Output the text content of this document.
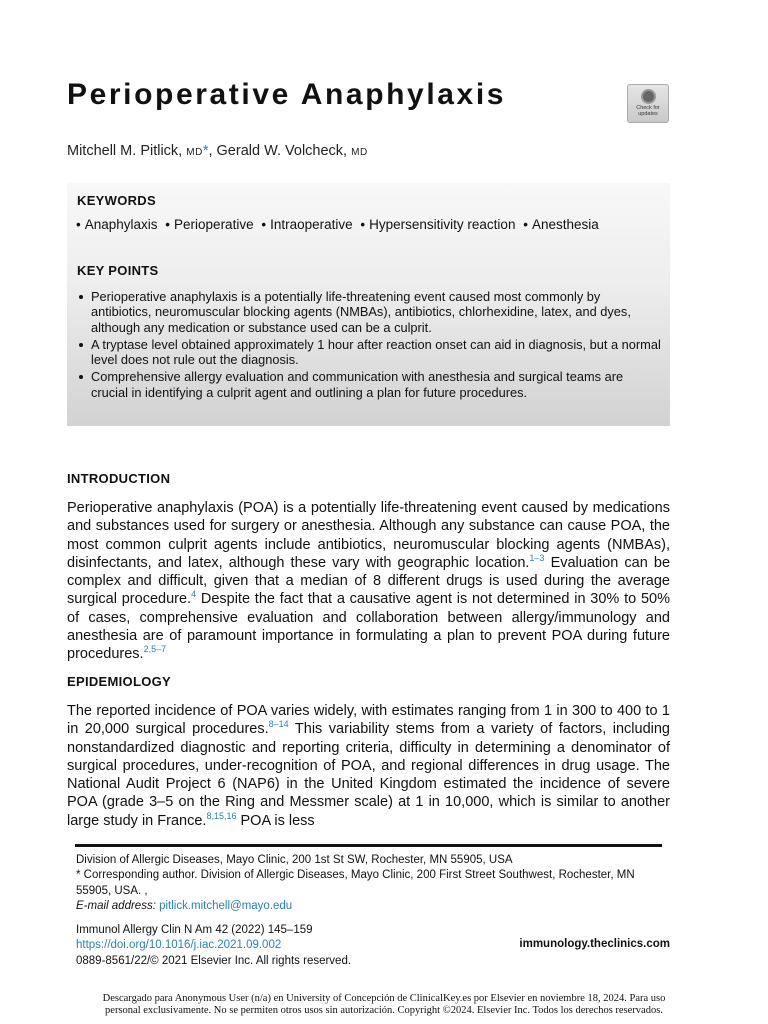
Perioperative Anaphylaxis	Check for
updates
Mitchell M. Pitlick, MD*, Gerald W. Volcheck, MD
KEYWORDS
• Anaphylaxis • Perioperative • Intraoperative • Hypersensitivity reaction • Anesthesia
KEY POINTS
Perioperative anaphylaxis is a potentially life-threatening event caused most commonly by antibiotics, neuromuscular blocking agents (NMBAs), antibiotics, chlorhexidine, latex, and dyes, although any medication or substance used can be a culprit.
A tryptase level obtained approximately 1 hour after reaction onset can aid in diagnosis, but a normal level does not rule out the diagnosis.
Comprehensive allergy evaluation and communication with anesthesia and surgical teams are crucial in identifying a culprit agent and outlining a plan for future procedures.
INTRODUCTION

Perioperative anaphylaxis (POA) is a potentially life-threatening event caused by medications and substances used for surgery or anesthesia. Although any substance can cause POA, the most common culprit agents include antibiotics, neuromuscular blocking agents (NMBAs), disinfectants, and latex, although these vary with geographic location.$^{1-3}$ Evaluation can be complex and difficult, given that a median of 8 different drugs is used during the average surgical procedure.$^4$ Despite the fact that a causative agent is not determined in 30% to 50% of cases, comprehensive evaluation and collaboration between allergy/immunology and anesthesia are of paramount importance in formulating a plan to prevent POA during future procedures.$^{2,5-7}$

EPIDEMIOLOGY

The reported incidence of POA varies widely, with estimates ranging from 1 in 300 to 400 to 1 in 20,000 surgical procedures.$^{8-14}$ This variability stems from a variety of factors, including nonstandardized diagnostic and reporting criteria, difficulty in determining a denominator of surgical procedures, under-recognition of POA, and regional differences in drug usage. The National Audit Project 6 (NAP6) in the United Kingdom estimated the incidence of severe POA (grade 3–5 on the Ring and Messmer scale) at 1 in 10,000, which is similar to another large study in France.$^{8,15,16}$ POA is less

Division of Allergic Diseases, Mayo Clinic, 200 1st St SW, Rochester, MN 55905, USA
* Corresponding author. Division of Allergic Diseases, Mayo Clinic, 200 First Street Southwest, Rochester, MN 55905, USA. ,
E-mail address: pitlick.mitchell@mayo.edu
Immunol Allergy Clin N Am 42 (2022) 145–159
https://doi.org/10.1016/j.iac.2021.09.002
0889-8561/22/© 2021 Elsevier Inc. All rights reserved.
immunology.theclinics.com
Descargado para Anonymous User (n/a) en University of Concepción de ClinicalKey.es por Elsevier en noviembre 18, 2024. Para uso
personal exclusivamente. No se permiten otros usos sin autorización. Copyright ©2024. Elsevier Inc. Todos los derechos reservados.
